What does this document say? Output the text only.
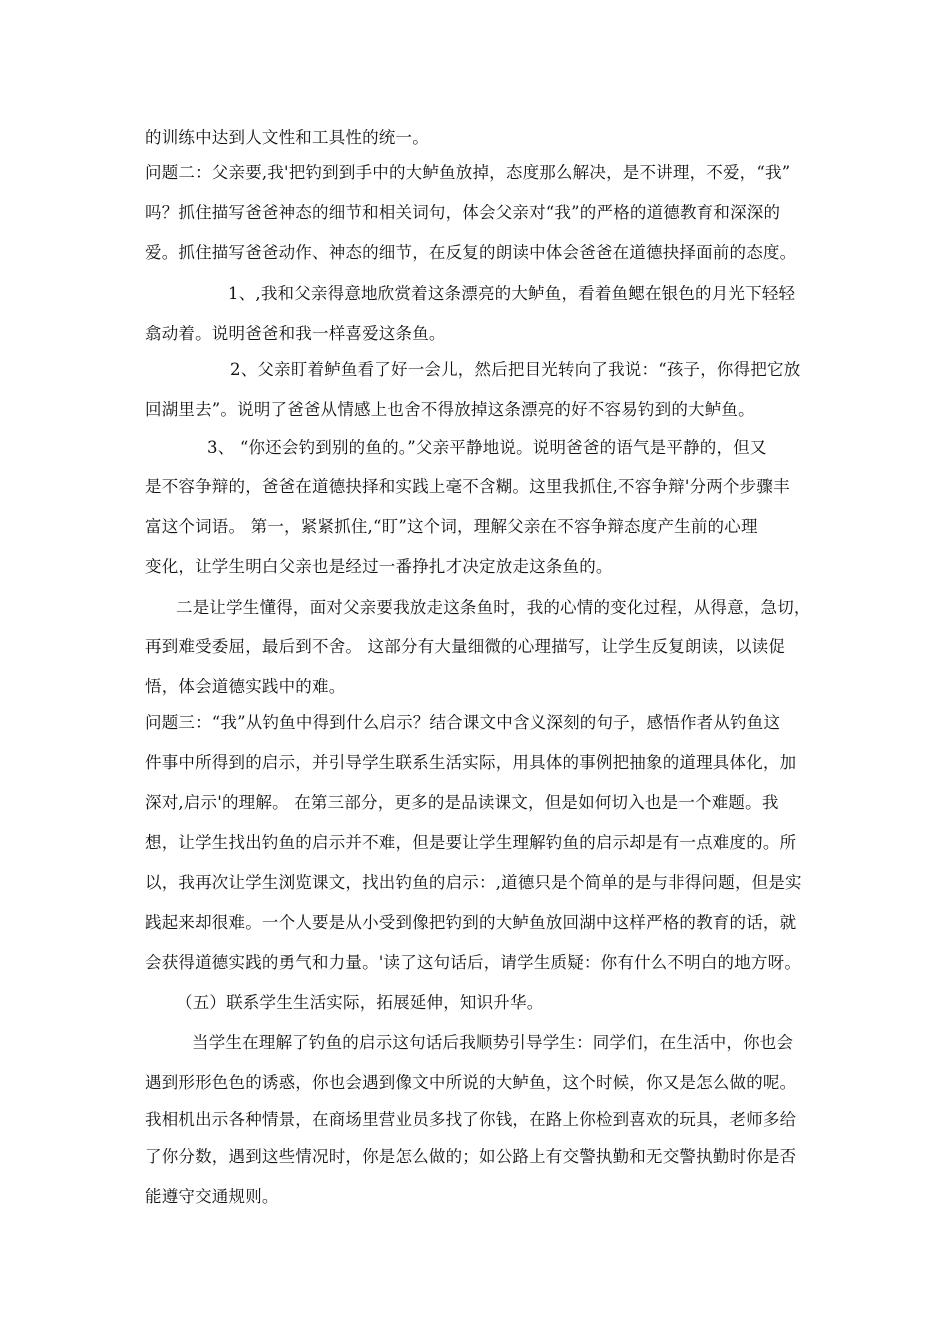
的训练中达到人文性和工具性的统一。
问题二：父亲要,我'把钓到到手中的大鲈鱼放掉，态度那么解决，是不讲理，不爱，“我”
吗？抓住描写爸爸神态的细节和相关词句，体会父亲对“我”的严格的道德教育和深深的
爱。抓住描写爸爸动作、神态的细节，在反复的朗读中体会爸爸在道德抉择面前的态度。
1、,我和父亲得意地欣赏着这条漂亮的大鲈鱼，看着鱼鳃在银色的月光下轻轻
翕动着。说明爸爸和我一样喜爱这条鱼。
2、父亲盯着鲈鱼看了好一会儿，然后把目光转向了我说：“孩子，你得把它放
回湖里去”。说明了爸爸从情感上也舍不得放掉这条漂亮的好不容易钓到的大鲈鱼。
3、 “你还会钓到别的鱼的。”父亲平静地说。说明爸爸的语气是平静的，但又
是不容争辩的，爸爸在道德抉择和实践上毫不含糊。这里我抓住,不容争辩'分两个步骤丰
富这个词语。 第一，紧紧抓住,“盯”这个词，理解父亲在不容争辩态度产生前的心理
变化，让学生明白父亲也是经过一番挣扎才决定放走这条鱼的。
二是让学生懂得，面对父亲要我放走这条鱼时，我的心情的变化过程，从得意，急切，
再到难受委屈，最后到不舍。 这部分有大量细微的心理描写，让学生反复朗读，以读促
悟，体会道德实践中的难。
问题三：“我”从钓鱼中得到什么启示？结合课文中含义深刻的句子，感悟作者从钓鱼这
件事中所得到的启示，并引导学生联系生活实际，用具体的事例把抽象的道理具体化，加
深对,启示'的理解。 在第三部分，更多的是品读课文，但是如何切入也是一个难题。我
想，让学生找出钓鱼的启示并不难，但是要让学生理解钓鱼的启示却是有一点难度的。所
以，我再次让学生浏览课文，找出钓鱼的启示：,道德只是个简单的是与非得问题，但是实
践起来却很难。一个人要是从小受到像把钓到的大鲈鱼放回湖中这样严格的教育的话，就
会获得道德实践的勇气和力量。'读了这句话后，请学生质疑：你有什么不明白的地方呀。
（五）联系学生生活实际，拓展延伸，知识升华。
当学生在理解了钓鱼的启示这句话后我顺势引导学生：同学们，在生活中，你也会
遇到形形色色的诱惑，你也会遇到像文中所说的大鲈鱼，这个时候，你又是怎么做的呢。
我相机出示各种情景，在商场里营业员多找了你钱，在路上你检到喜欢的玩具，老师多给
了你分数，遇到这些情况时，你是怎么做的；如公路上有交警执勤和无交警执勤时你是否
能遵守交通规则。
